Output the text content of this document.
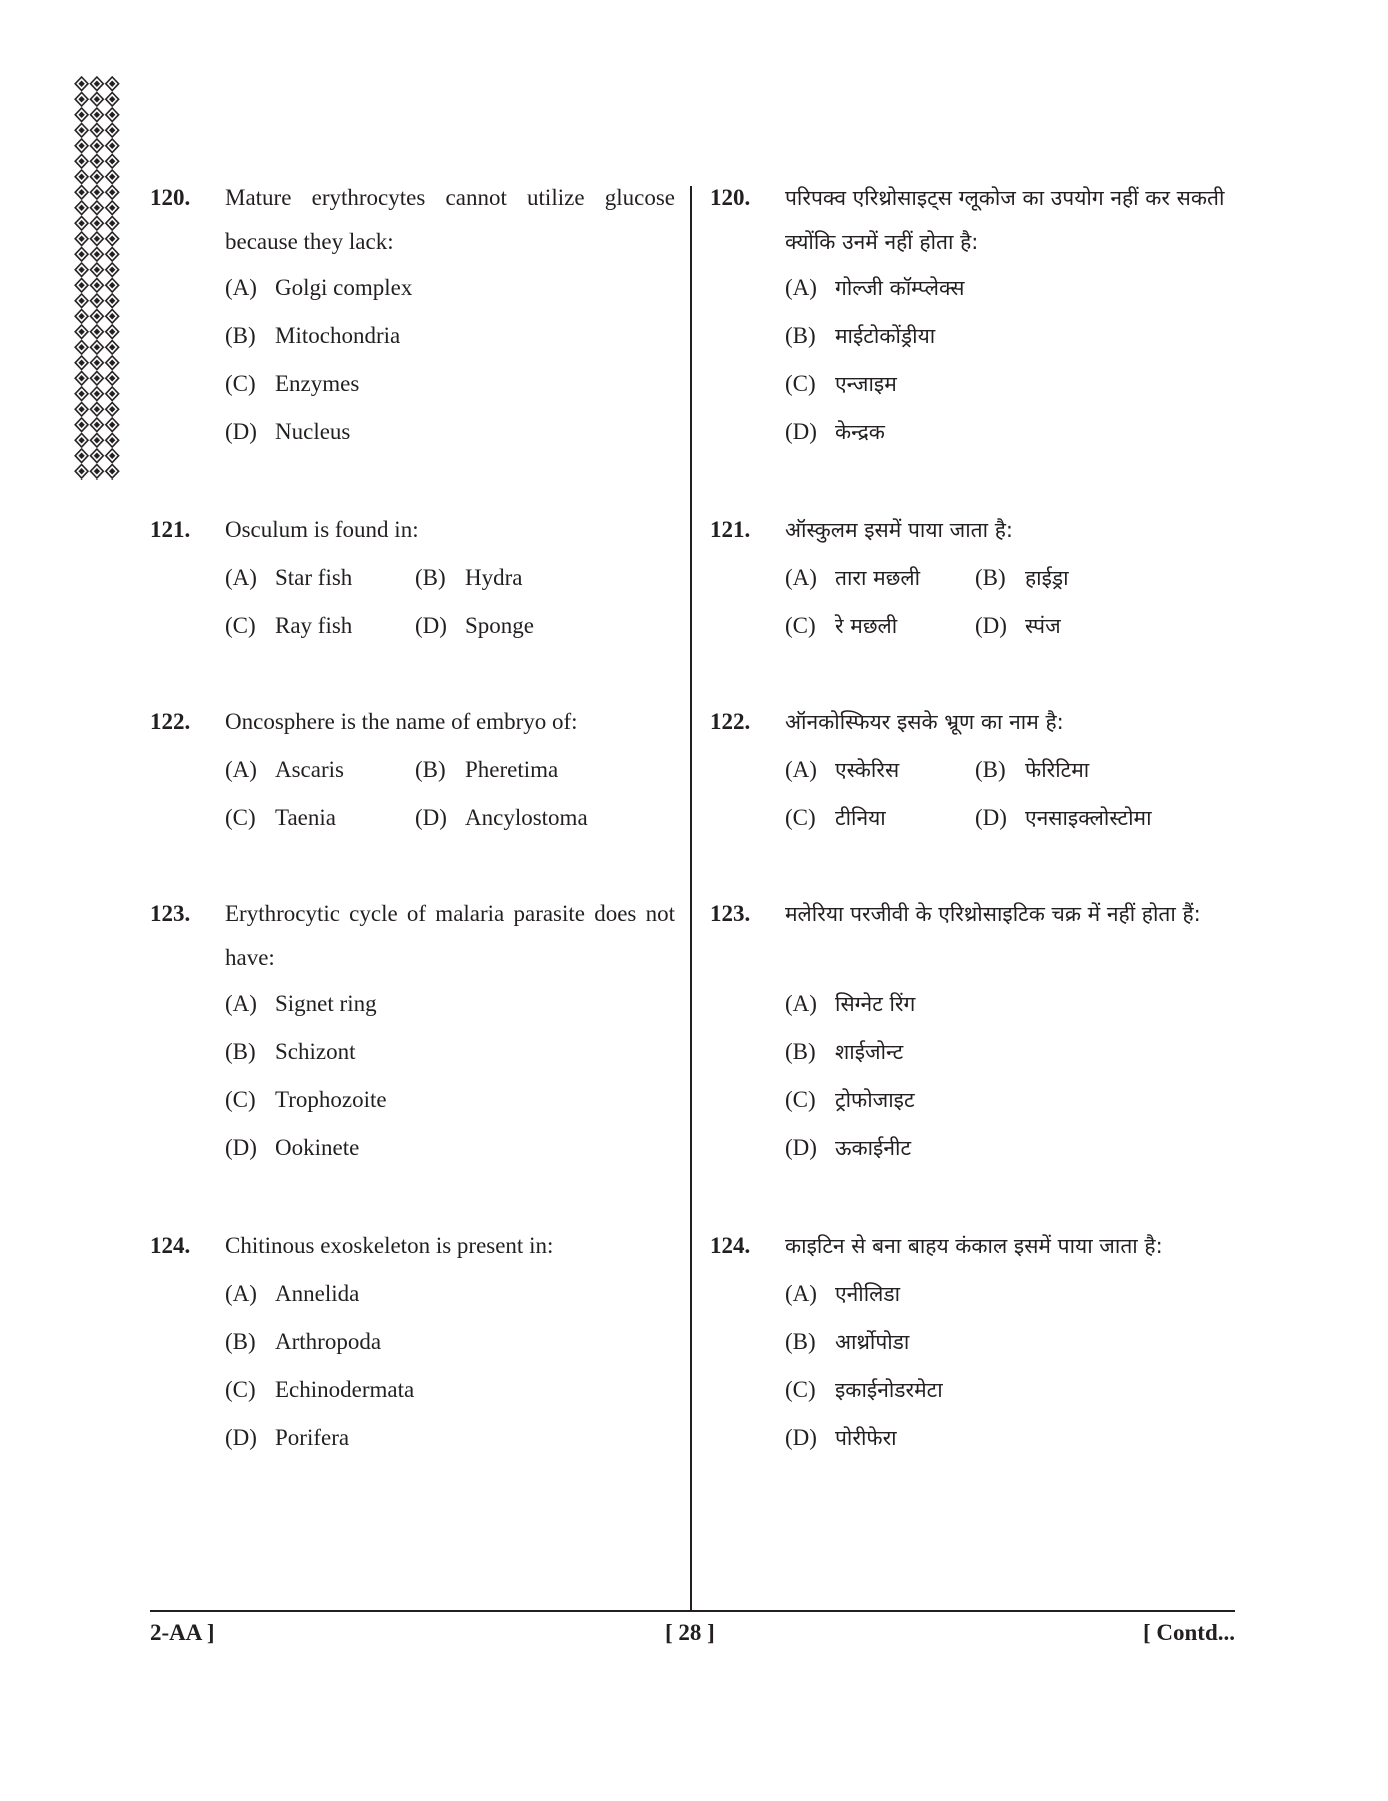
120. Mature erythrocytes cannot utilize glucose because they lack:
(A) Golgi complex
(B) Mitochondria
(C) Enzymes
(D) Nucleus
121. Osculum is found in:
(A) Star fish	(B) Hydra
(C) Ray fish	(D) Sponge
122. Oncosphere is the name of embryo of:
(A) Ascaris	(B) Pheretima
(C) Taenia	(D) Ancylostoma
123. Erythrocytic cycle of malaria parasite does not have:
(A) Signet ring
(B) Schizont
(C) Trophozoite
(D) Ookinete
124. Chitinous exoskeleton is present in:
(A) Annelida
(B) Arthropoda
(C) Echinodermata
(D) Porifera
120. परिपक्व एरिथ्रोसाइट्स ग्लूकोज का उपयोग नहीं कर सकती क्योंकि उनमें नहीं होता है:
(A) गोल्जी कॉम्प्लेक्स
(B) माईटोकोंड्रीया
(C) एन्जाइम
(D) केन्द्रक
121. ऑस्कुलम इसमें पाया जाता है:
(A) तारा मछली (B) हाईड्रा
(C) रे मछली	(D) स्पंज
122. ऑनकोस्फियर इसके भ्रूण का नाम है:
(A) एस्केरिस	(B) फेरिटिमा
(C) टीनिया	(D) एनसाइक्लोस्टोमा
123. मलेरिया परजीवी के एरिथ्रोसाइटिक चक्र में नहीं होता हैं:
(A) सिग्नेट रिंग
(B) शाईजोन्ट
(C) ट्रोफोजाइट
(D) ऊकाईनीट
124. काइटिन से बना बाहय कंकाल इसमें पाया जाता है:
(A) एनीलिडा
(B) आर्थ्रोपोडा
(C) इकाईनोडरमेटा
(D) पोरीफेरा
2-AA ]	[ 28 ]	[ Contd...
